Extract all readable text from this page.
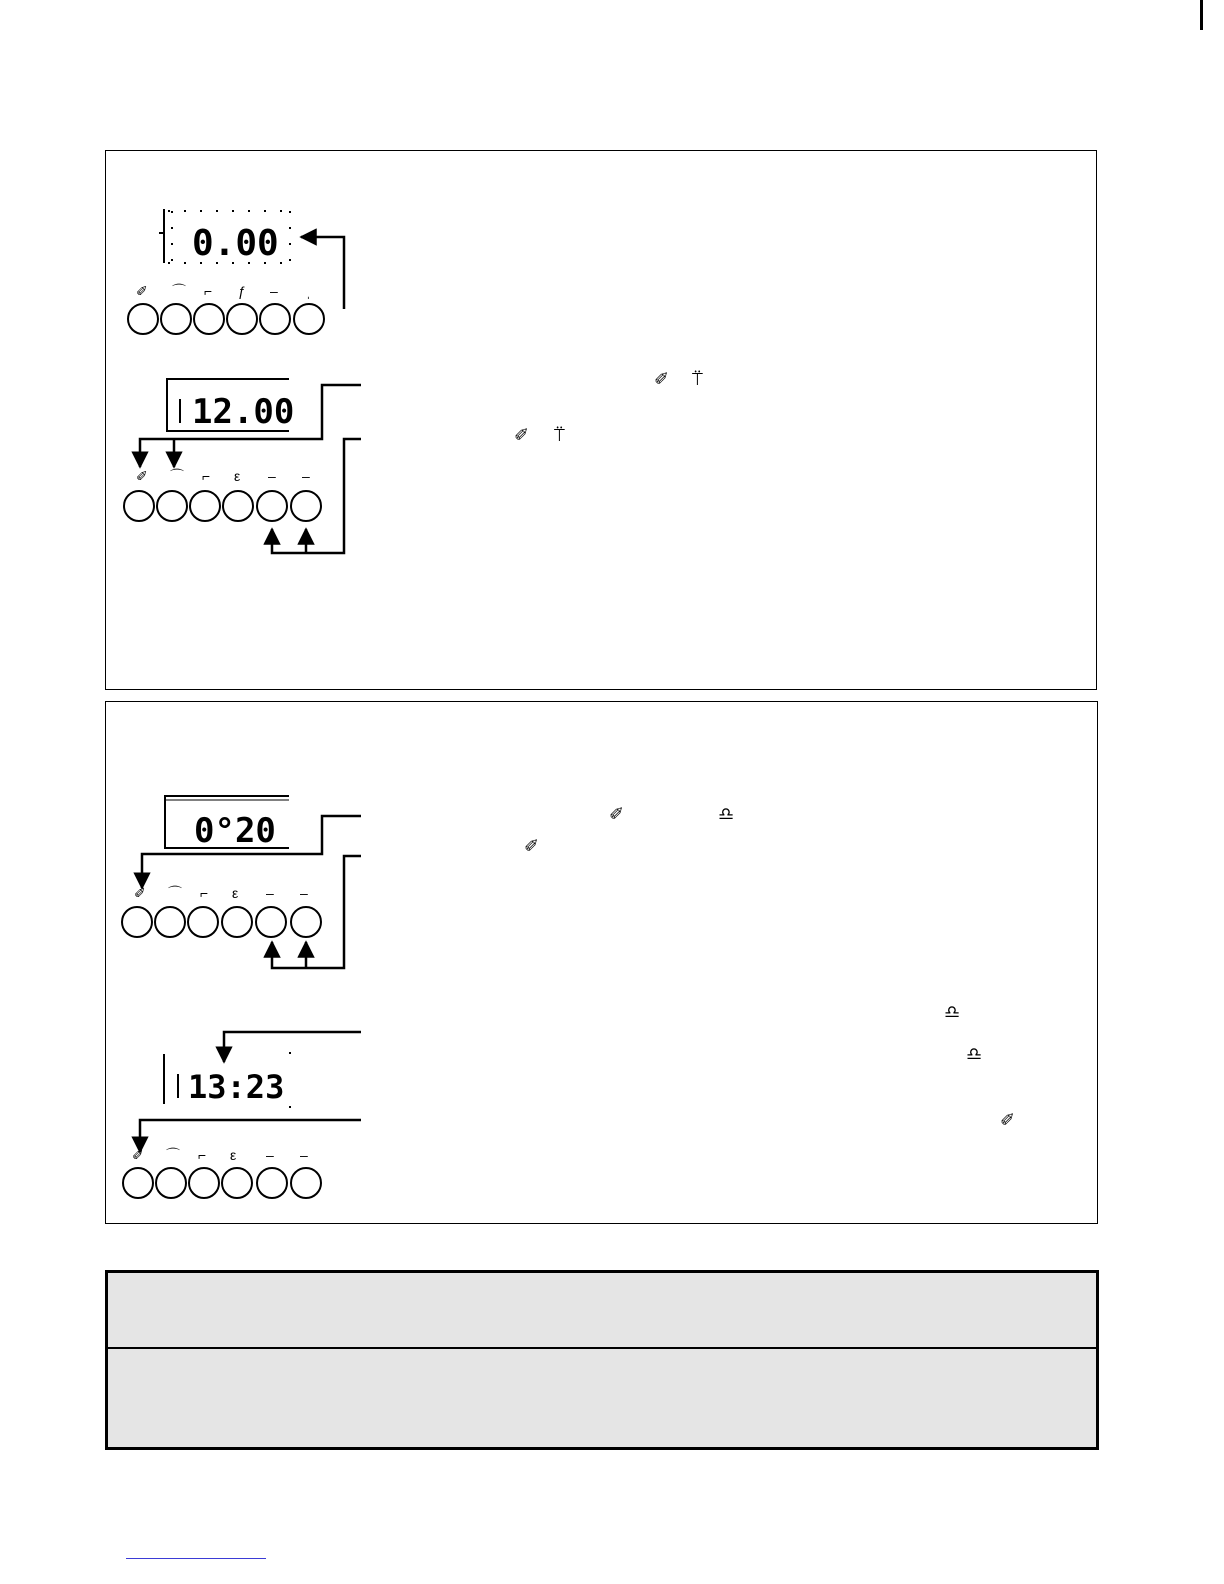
0.00
✐ ⌒ ⌐ ƒ – ˌ
12.00
✐ ⌒ ⌐ ε – –
✐ ⍡
✐ ⍡
0°20
✐ ⌒ ⌐ ε – –
13:23
✐ ⌒ ⌐ ε – –
✐	♎
✐
♎
♎
✐
